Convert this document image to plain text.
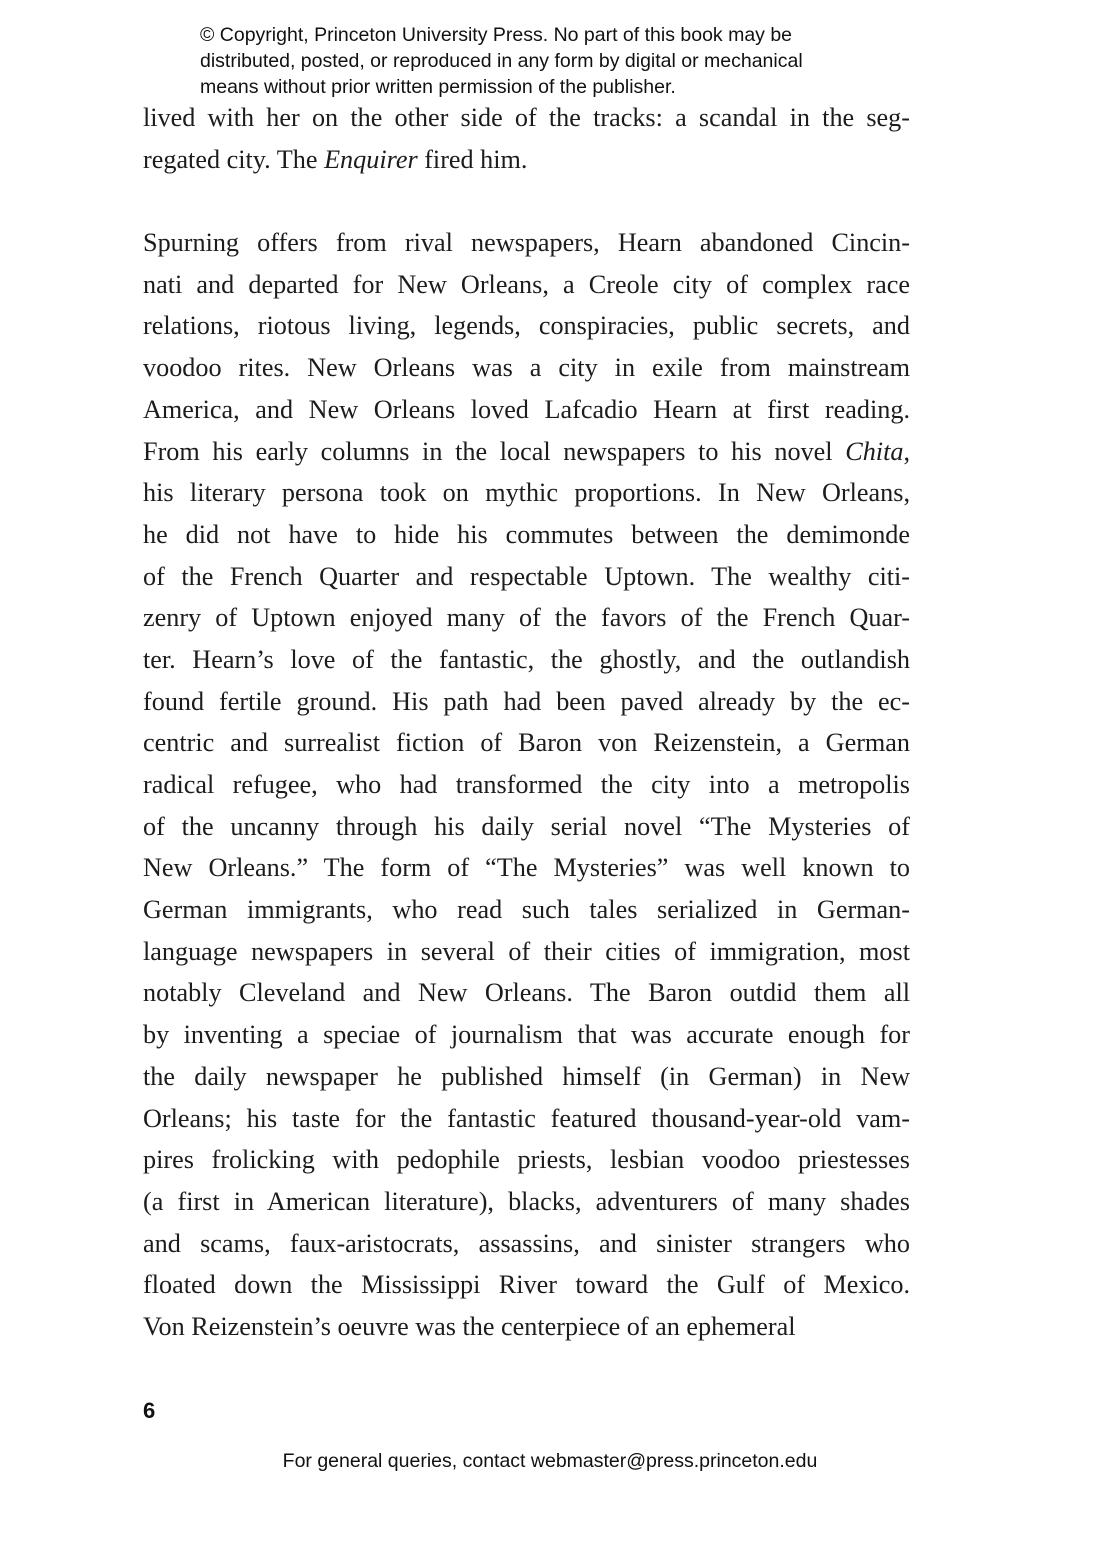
© Copyright, Princeton University Press. No part of this book may be
distributed, posted, or reproduced in any form by digital or mechanical
means without prior written permission of the publisher.
lived with her on the other side of the tracks: a scandal in the seg-
regated city. The Enquirer fired him.
Spurning offers from rival newspapers, Hearn abandoned Cincin-
nati and departed for New Orleans, a Creole city of complex race
relations, riotous living, legends, conspiracies, public secrets, and
voodoo rites. New Orleans was a city in exile from mainstream
America, and New Orleans loved Lafcadio Hearn at first reading.
From his early columns in the local newspapers to his novel Chita,
his literary persona took on mythic proportions. In New Orleans,
he did not have to hide his commutes between the demimonde
of the French Quarter and respectable Uptown. The wealthy citi-
zenry of Uptown enjoyed many of the favors of the French Quar-
ter. Hearn’s love of the fantastic, the ghostly, and the outlandish
found fertile ground. His path had been paved already by the ec-
centric and surrealist fiction of Baron von Reizenstein, a German
radical refugee, who had transformed the city into a metropolis
of the uncanny through his daily serial novel “The Mysteries of
New Orleans.” The form of “The Mysteries” was well known to
German immigrants, who read such tales serialized in German-
language newspapers in several of their cities of immigration, most
notably Cleveland and New Orleans. The Baron outdid them all
by inventing a speciae of journalism that was accurate enough for
the daily newspaper he published himself (in German) in New
Orleans; his taste for the fantastic featured thousand-year-old vam-
pires frolicking with pedophile priests, lesbian voodoo priestesses
(a first in American literature), blacks, adventurers of many shades
and scams, faux-aristocrats, assassins, and sinister strangers who
floated down the Mississippi River toward the Gulf of Mexico.
Von Reizenstein’s oeuvre was the centerpiece of an ephemeral
6
For general queries, contact webmaster@press.princeton.edu
